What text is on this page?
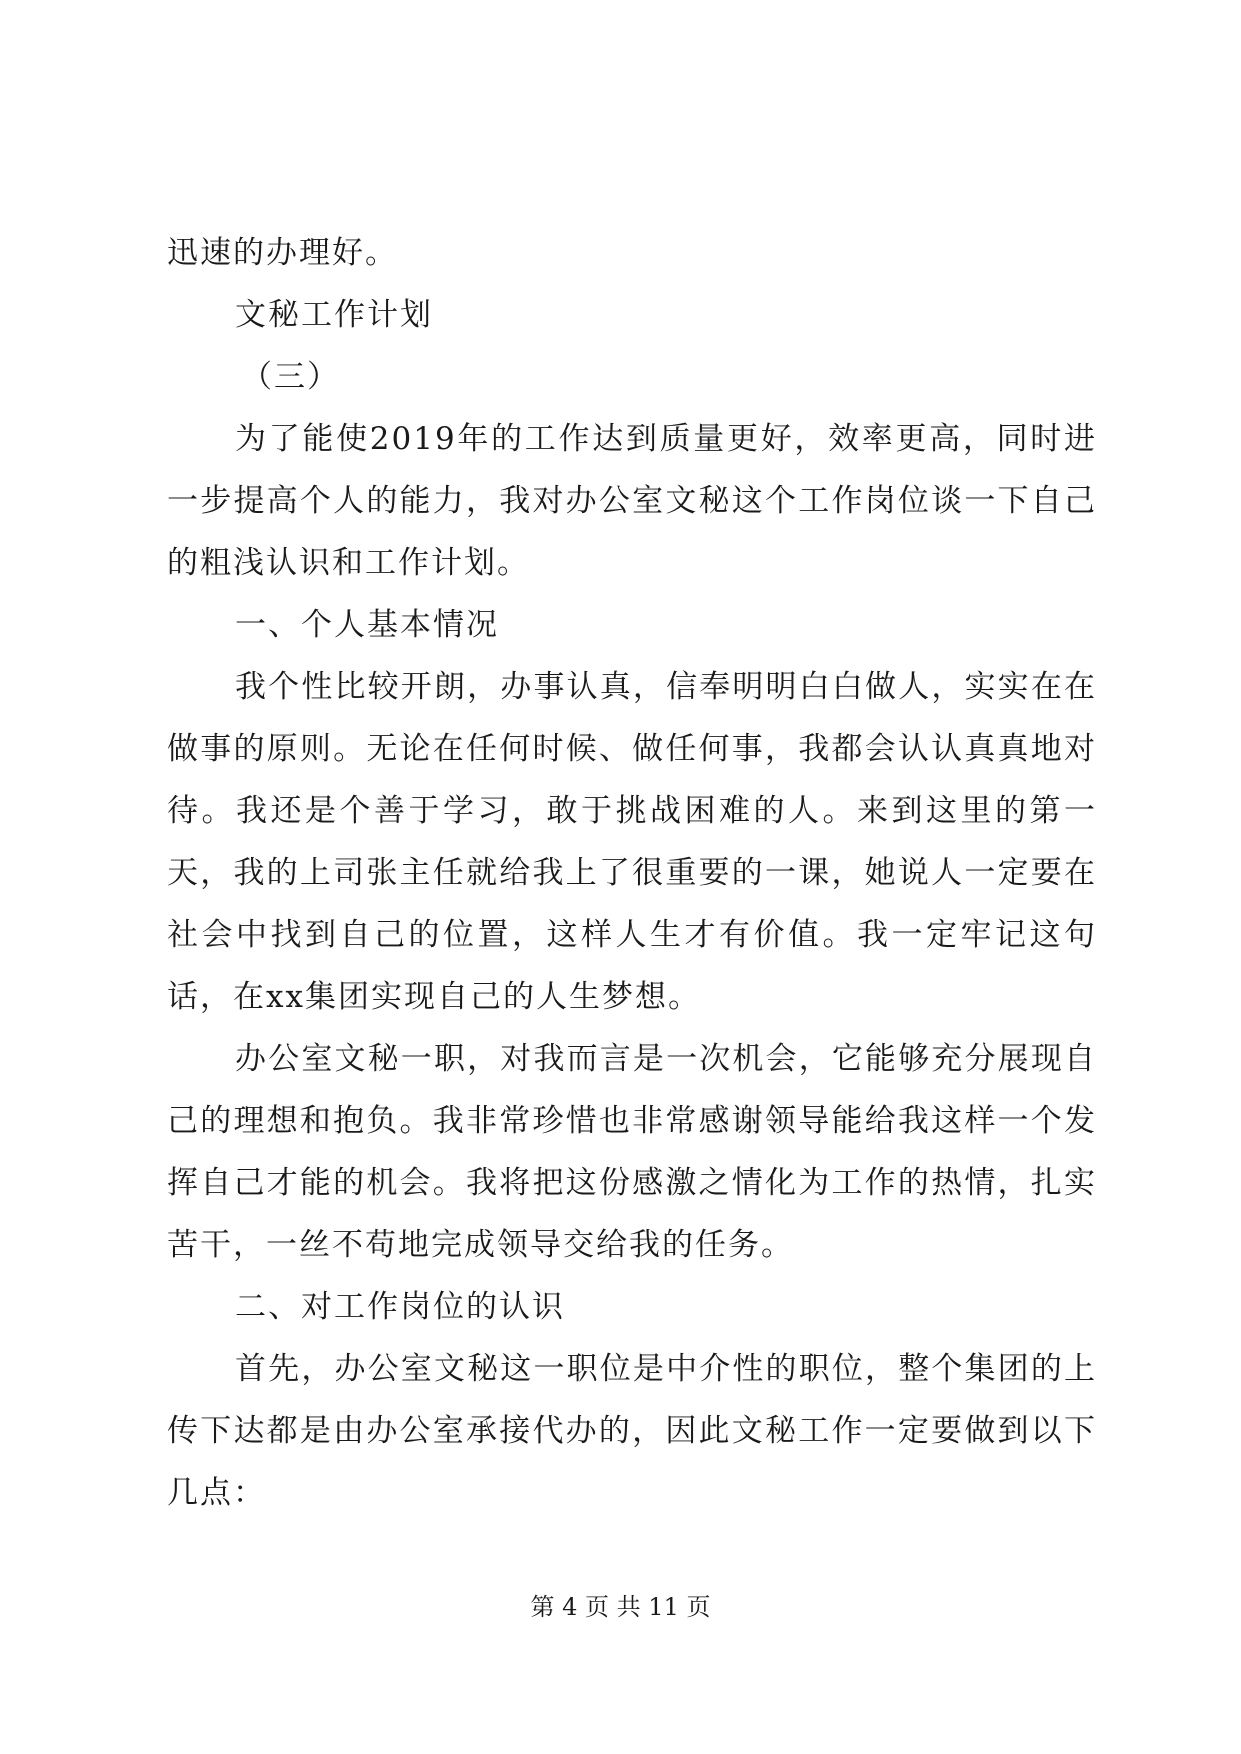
迅速的办理好。

文秘工作计划

（三）

为了能使2019年的工作达到质量更好，效率更高，同时进一步提高个人的能力，我对办公室文秘这个工作岗位谈一下自己的粗浅认识和工作计划。

一、个人基本情况

我个性比较开朗，办事认真，信奉明明白白做人，实实在在做事的原则。无论在任何时候、做任何事，我都会认认真真地对待。我还是个善于学习，敢于挑战困难的人。来到这里的第一天，我的上司张主任就给我上了很重要的一课，她说人一定要在社会中找到自己的位置，这样人生才有价值。我一定牢记这句话，在xx集团实现自己的人生梦想。

办公室文秘一职，对我而言是一次机会，它能够充分展现自己的理想和抱负。我非常珍惜也非常感谢领导能给我这样一个发挥自己才能的机会。我将把这份感激之情化为工作的热情，扎实苦干，一丝不苟地完成领导交给我的任务。

二、对工作岗位的认识

首先，办公室文秘这一职位是中介性的职位，整个集团的上传下达都是由办公室承接代办的，因此文秘工作一定要做到以下几点：

第 4 页 共 11 页
